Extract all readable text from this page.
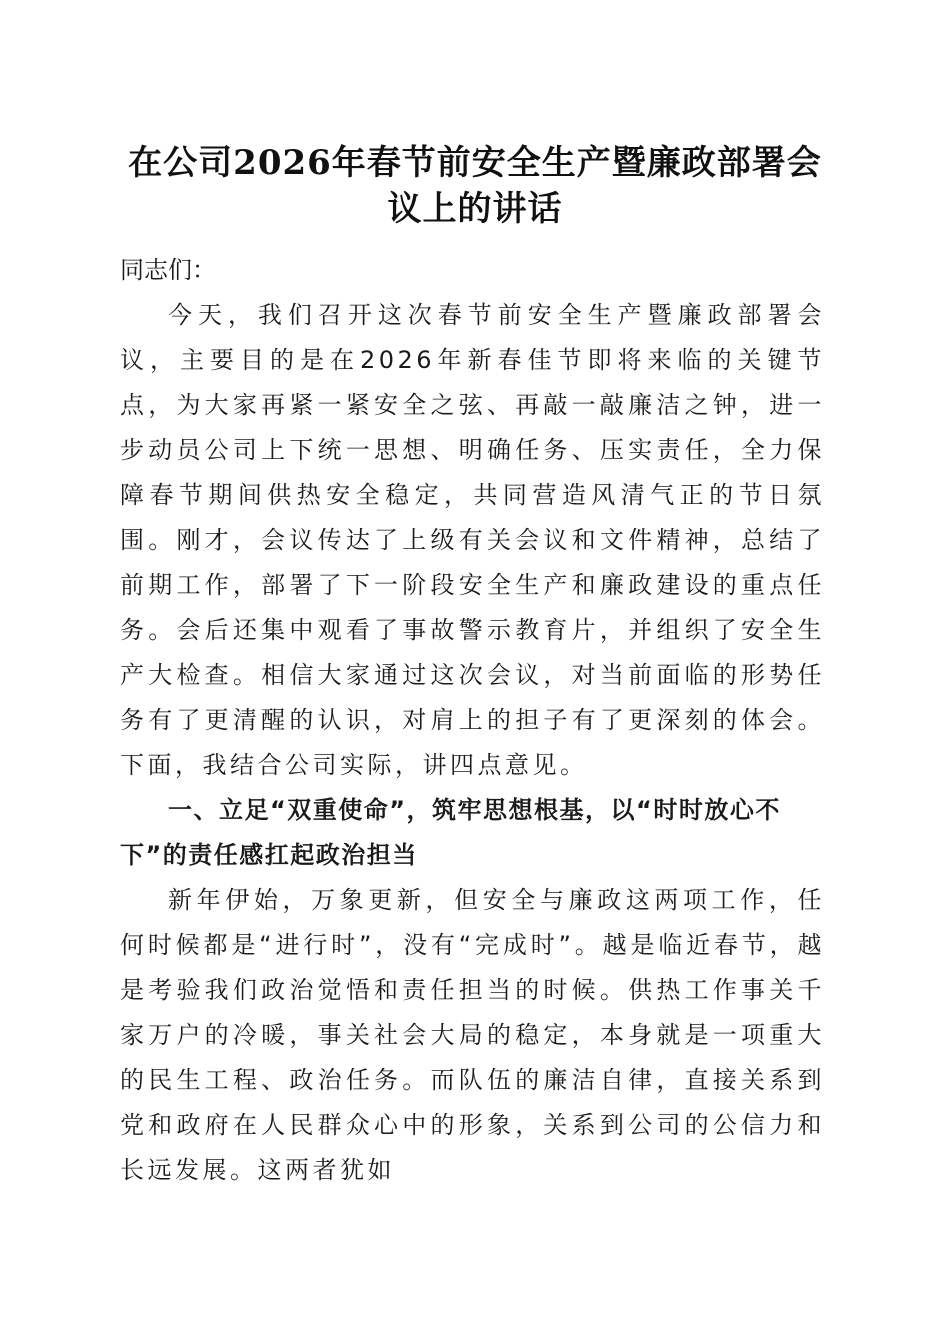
在公司2026年春节前安全生产暨廉政部署会议上的讲话

同志们：

今天，我们召开这次春节前安全生产暨廉政部署会议，主要目的是在2026年新春佳节即将来临的关键节点，为大家再紧一紧安全之弦、再敲一敲廉洁之钟，进一步动员公司上下统一思想、明确任务、压实责任，全力保障春节期间供热安全稳定，共同营造风清气正的节日氛围。刚才，会议传达了上级有关会议和文件精神，总结了前期工作，部署了下一阶段安全生产和廉政建设的重点任务。会后还集中观看了事故警示教育片，并组织了安全生产大检查。相信大家通过这次会议，对当前面临的形势任务有了更清醒的认识，对肩上的担子有了更深刻的体会。下面，我结合公司实际，讲四点意见。

一、立足“双重使命”，筑牢思想根基，以“时时放心不下”的责任感扛起政治担当

新年伊始，万象更新，但安全与廉政这两项工作，任何时候都是“进行时”，没有“完成时”。越是临近春节，越是考验我们政治觉悟和责任担当的时候。供热工作事关千家万户的冷暖，事关社会大局的稳定，本身就是一项重大的民生工程、政治任务。而队伍的廉洁自律，直接关系到党和政府在人民群众心中的形象，关系到公司的公信力和长远发展。这两者犹如
